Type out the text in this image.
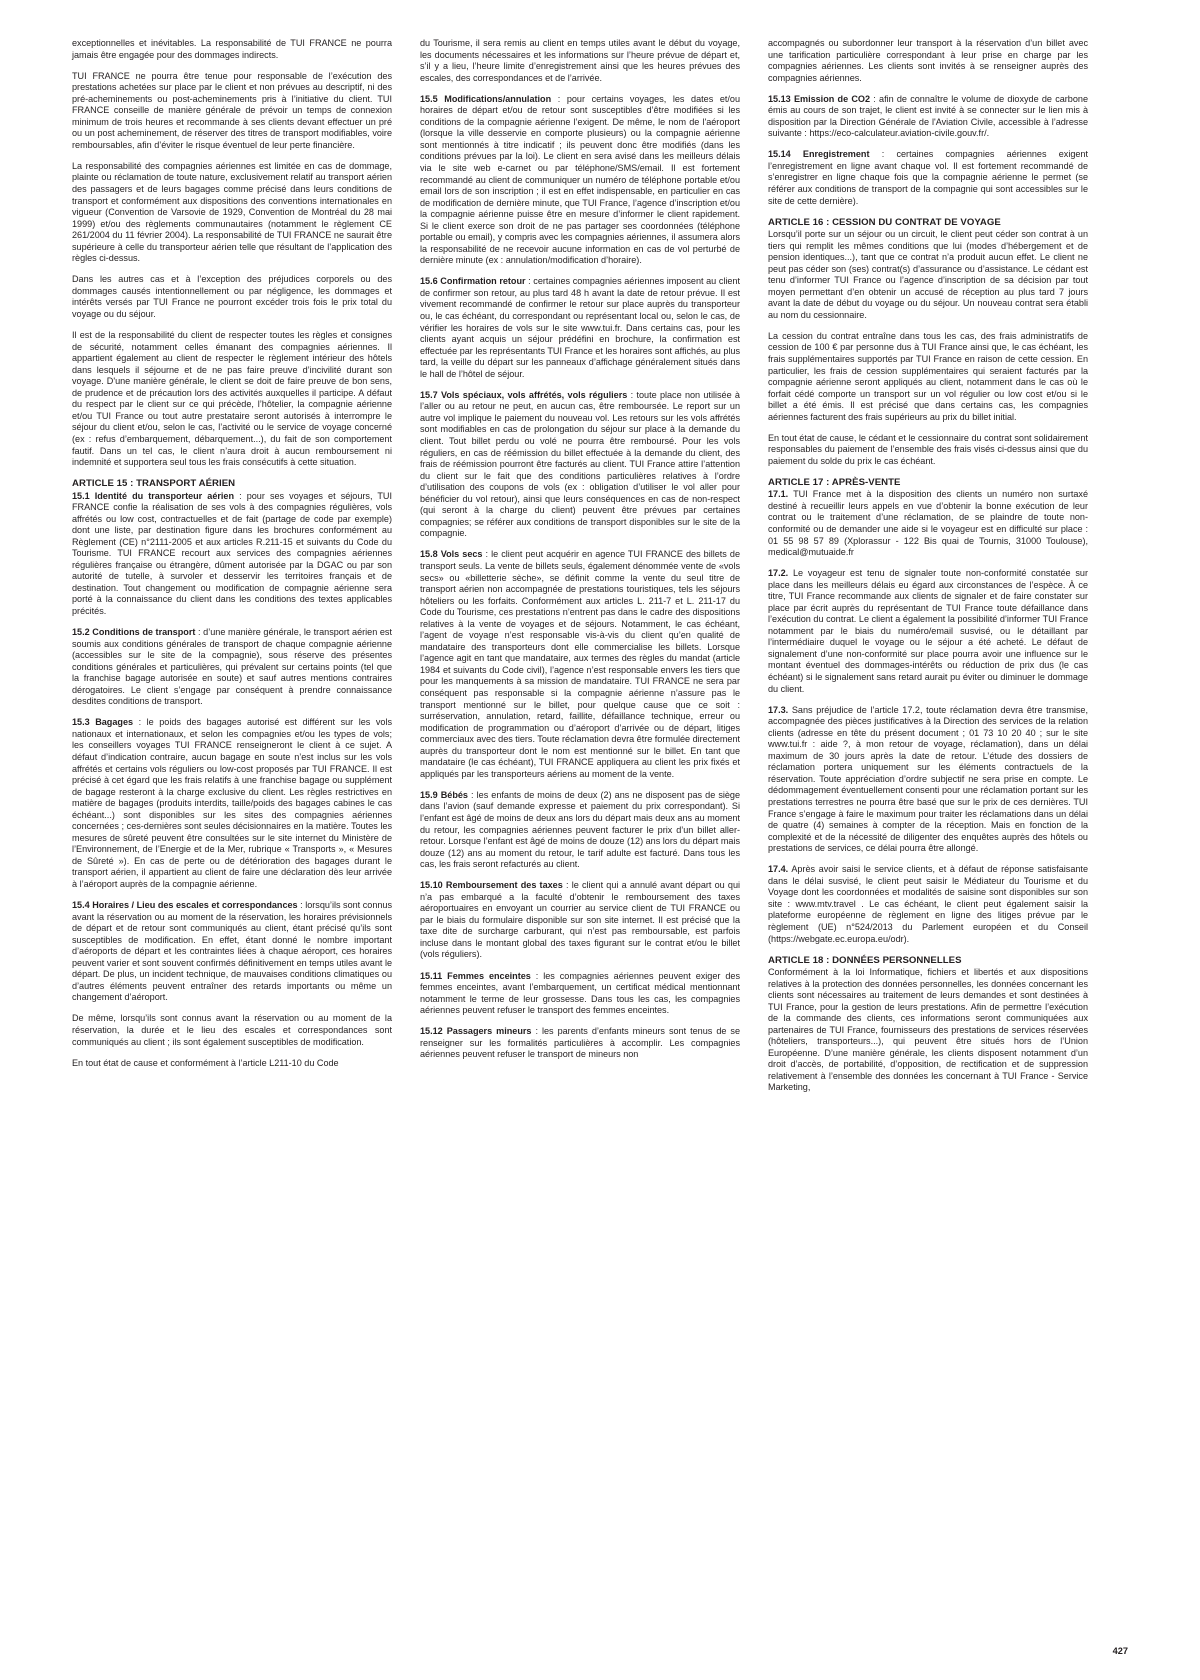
exceptionnelles et inévitables. La responsabilité de TUI FRANCE ne pourra jamais être engagée pour des dommages indirects.

TUI FRANCE ne pourra être tenue pour responsable de l’exécution des prestations achetées sur place par le client et non prévues au descriptif, ni des pré-acheminements ou post-acheminements pris à l’initiative du client. TUI FRANCE conseille de manière générale de prévoir un temps de connexion minimum de trois heures et recommande à ses clients devant effectuer un pré ou un post acheminement, de réserver des titres de transport modifiables, voire remboursables, afin d’éviter le risque éventuel de leur perte financière.

La responsabilité des compagnies aériennes est limitée en cas de dommage, plainte ou réclamation de toute nature, exclusivement relatif au transport aérien des passagers et de leurs bagages comme précisé dans leurs conditions de transport et conformément aux dispositions des conventions internationales en vigueur (Convention de Varsovie de 1929, Convention de Montréal du 28 mai 1999) et/ou des règlements communautaires (notamment le règlement CE 261/2004 du 11 février 2004). La responsabilité de TUI FRANCE ne saurait être supérieure à celle du transporteur aérien telle que résultant de l’application des règles ci-dessus.

Dans les autres cas et à l’exception des préjudices corporels ou des dommages causés intentionnellement ou par négligence, les dommages et intérêts versés par TUI France ne pourront excéder trois fois le prix total du voyage ou du séjour.

Il est de la responsabilité du client de respecter toutes les règles et consignes de sécurité, notamment celles émanant des compagnies aériennes. Il appartient également au client de respecter le règlement intérieur des hôtels dans lesquels il séjourne et de ne pas faire preuve d’incivilité durant son voyage. D'une manière générale, le client se doit de faire preuve de bon sens, de prudence et de précaution lors des activités auxquelles il participe. A défaut du respect par le client sur ce qui précède, l’hôtelier, la compagnie aérienne et/ou TUI France ou tout autre prestataire seront autorisés à interrompre le séjour du client et/ou, selon le cas, l’activité ou le service de voyage concerné (ex : refus d’embarquement, débarquement...), du fait de son comportement fautif. Dans un tel cas, le client n’aura droit à aucun remboursement ni indemnité et supportera seul tous les frais consécutifs à cette situation.

ARTICLE 15 : TRANSPORT AÉRIEN

15.1 Identité du transporteur aérien : pour ses voyages et séjours, TUI FRANCE confie la réalisation de ses vols à des compagnies régulières, vols affrétés ou low cost, contractuelles et de fait (partage de code par exemple) dont une liste, par destination figure dans les brochures conformément au Règlement (CE) n°2111-2005 et aux articles R.211-15 et suivants du Code du Tourisme. TUI FRANCE recourt aux services des compagnies aériennes régulières française ou étrangère, dûment autorisée par la DGAC ou par son autorité de tutelle, à survoler et desservir les territoires français et de destination. Tout changement ou modification de compagnie aérienne sera porté à la connaissance du client dans les conditions des textes applicables précités.

15.2 Conditions de transport : d’une manière générale, le transport aérien est soumis aux conditions générales de transport de chaque compagnie aérienne (accessibles sur le site de la compagnie), sous réserve des présentes conditions générales et particulières, qui prévalent sur certains points (tel que la franchise bagage autorisée en soute) et sauf autres mentions contraires dérogatoires. Le client s’engage par conséquent à prendre connaissance desdites conditions de transport.

15.3 Bagages : le poids des bagages autorisé est différent sur les vols nationaux et internationaux, et selon les compagnies et/ou les types de vols; les conseillers voyages TUI FRANCE renseigneront le client à ce sujet. A défaut d’indication contraire, aucun bagage en soute n’est inclus sur les vols affrétés et certains vols réguliers ou low-cost proposés par TUI FRANCE. Il est précisé à cet égard que les frais relatifs à une franchise bagage ou supplément de bagage resteront à la charge exclusive du client. Les règles restrictives en matière de bagages (produits interdits, taille/poids des bagages cabines le cas échéant...) sont disponibles sur les sites des compagnies aériennes concernées ; ces-dernières sont seules décisionnaires en la matière. Toutes les mesures de sûreté peuvent être consultées sur le site internet du Ministère de l’Environnement, de l’Energie et de la Mer, rubrique « Transports », « Mesures de Sûreté »). En cas de perte ou de détérioration des bagages durant le transport aérien, il appartient au client de faire une déclaration dès leur arrivée à l’aéroport auprès de la compagnie aérienne.

15.4 Horaires / Lieu des escales et correspondances : lorsqu’ils sont connus avant la réservation ou au moment de la réservation, les horaires prévisionnels de départ et de retour sont communiqués au client, étant précisé qu’ils sont susceptibles de modification. En effet, étant donné le nombre important d’aéroports de départ et les contraintes liées à chaque aéroport, ces horaires peuvent varier et sont souvent confirmés définitivement en temps utiles avant le départ. De plus, un incident technique, de mauvaises conditions climatiques ou d’autres éléments peuvent entraîner des retards importants ou même un changement d’aéroport.

De même, lorsqu’ils sont connus avant la réservation ou au moment de la réservation, la durée et le lieu des escales et correspondances sont communiqués au client ; ils sont également susceptibles de modification.

En tout état de cause et conformément à l’article L211-10 du Code

du Tourisme, il sera remis au client en temps utiles avant le début du voyage, les documents nécessaires et les informations sur l’heure prévue de départ et, s’il y a lieu, l’heure limite d’enregistrement ainsi que les heures prévues des escales, des correspondances et de l’arrivée.

15.5 Modifications/annulation : pour certains voyages, les dates et/ou horaires de départ et/ou de retour sont susceptibles d’être modifiées si les conditions de la compagnie aérienne l’exigent. De même, le nom de l'aéroport (lorsque la ville desservie en comporte plusieurs) ou la compagnie aérienne sont mentionnés à titre indicatif ; ils peuvent donc être modifiés (dans les conditions prévues par la loi). Le client en sera avisé dans les meilleurs délais via le site web e-carnet ou par téléphone/SMS/email. Il est fortement recommandé au client de communiquer un numéro de téléphone portable et/ou email lors de son inscription ; il est en effet indispensable, en particulier en cas de modification de dernière minute, que TUI France, l’agence d’inscription et/ou la compagnie aérienne puisse être en mesure d’informer le client rapidement. Si le client exerce son droit de ne pas partager ses coordonnées (téléphone portable ou email), y compris avec les compagnies aériennes, il assumera alors la responsabilité de ne recevoir aucune information en cas de vol perturbé de dernière minute (ex : annulation/modification d’horaire).

15.6 Confirmation retour : certaines compagnies aériennes imposent au client de confirmer son retour, au plus tard 48 h avant la date de retour prévue. Il est vivement recommandé de confirmer le retour sur place auprès du transporteur ou, le cas échéant, du correspondant ou représentant local ou, selon le cas, de vérifier les horaires de vols sur le site www.tui.fr. Dans certains cas, pour les clients ayant acquis un séjour prédéfini en brochure, la confirmation est effectuée par les représentants TUI France et les horaires sont affichés, au plus tard, la veille du départ sur les panneaux d’affichage généralement situés dans le hall de l’hôtel de séjour.

15.7 Vols spéciaux, vols affrétés, vols réguliers : toute place non utilisée à l’aller ou au retour ne peut, en aucun cas, être remboursée. Le report sur un autre vol implique le paiement du nouveau vol. Les retours sur les vols affrétés sont modifiables en cas de prolongation du séjour sur place à la demande du client. Tout billet perdu ou volé ne pourra être remboursé. Pour les vols réguliers, en cas de réémission du billet effectuée à la demande du client, des frais de réémission pourront être facturés au client. TUI France attire l’attention du client sur le fait que des conditions particulières relatives à l’ordre d’utilisation des coupons de vols (ex : obligation d’utiliser le vol aller pour bénéficier du vol retour), ainsi que leurs conséquences en cas de non-respect (qui seront à la charge du client) peuvent être prévues par certaines compagnies; se référer aux conditions de transport disponibles sur le site de la compagnie.

15.8 Vols secs : le client peut acquérir en agence TUI FRANCE des billets de transport seuls. La vente de billets seuls, également dénommée vente de «vols secs» ou «billetterie sèche», se définit comme la vente du seul titre de transport aérien non accompagnée de prestations touristiques, tels les séjours hôteliers ou les forfaits. Conformément aux articles L. 211-7 et L. 211-17 du Code du Tourisme, ces prestations n’entrent pas dans le cadre des dispositions relatives à la vente de voyages et de séjours. Notamment, le cas échéant, l’agent de voyage n’est responsable vis-à-vis du client qu’en qualité de mandataire des transporteurs dont elle commercialise les billets. Lorsque l’agence agit en tant que mandataire, aux termes des règles du mandat (article 1984 et suivants du Code civil), l’agence n’est responsable envers les tiers que pour les manquements à sa mission de mandataire. TUI FRANCE ne sera par conséquent pas responsable si la compagnie aérienne n’assure pas le transport mentionné sur le billet, pour quelque cause que ce soit : surréservation, annulation, retard, faillite, défaillance technique, erreur ou modification de programmation ou d’aéroport d’arrivée ou de départ, litiges commerciaux avec des tiers. Toute réclamation devra être formulée directement auprès du transporteur dont le nom est mentionné sur le billet. En tant que mandataire (le cas échéant), TUI FRANCE appliquera au client les prix fixés et appliqués par les transporteurs aériens au moment de la vente.

15.9 Bébés : les enfants de moins de deux (2) ans ne disposent pas de siège dans l’avion (sauf demande expresse et paiement du prix correspondant). Si l’enfant est âgé de moins de deux ans lors du départ mais deux ans au moment du retour, les compagnies aériennes peuvent facturer le prix d’un billet aller-retour. Lorsque l’enfant est âgé de moins de douze (12) ans lors du départ mais douze (12) ans au moment du retour, le tarif adulte est facturé. Dans tous les cas, les frais seront refacturés au client.

15.10 Remboursement des taxes : le client qui a annulé avant départ ou qui n’a pas embarqué a la faculté d’obtenir le remboursement des taxes aéroportuaires en envoyant un courrier au service client de TUI FRANCE ou par le biais du formulaire disponible sur son site internet. Il est précisé que la taxe dite de surcharge carburant, qui n’est pas remboursable, est parfois incluse dans le montant global des taxes figurant sur le contrat et/ou le billet (vols réguliers).

15.11 Femmes enceintes : les compagnies aériennes peuvent exiger des femmes enceintes, avant l’embarquement, un certificat médical mentionnant notamment le terme de leur grossesse. Dans tous les cas, les compagnies aériennes peuvent refuser le transport des femmes enceintes.

15.12 Passagers mineurs : les parents d’enfants mineurs sont tenus de se renseigner sur les formalités particulières à accomplir. Les compagnies aériennes peuvent refuser le transport de mineurs non

accompagnés ou subordonner leur transport à la réservation d’un billet avec une tarification particulière correspondant à leur prise en charge par les compagnies aériennes. Les clients sont invités à se renseigner auprès des compagnies aériennes.

15.13 Emission de CO2 : afin de connaître le volume de dioxyde de carbone émis au cours de son trajet, le client est invité à se connecter sur le lien mis à disposition par la Direction Générale de l'Aviation Civile, accessible à l’adresse suivante : https://eco-calculateur.aviation-civile.gouv.fr/.

15.14 Enregistrement : certaines compagnies aériennes exigent l’enregistrement en ligne avant chaque vol. Il est fortement recommandé de s’enregistrer en ligne chaque fois que la compagnie aérienne le permet (se référer aux conditions de transport de la compagnie qui sont accessibles sur le site de cette dernière).

ARTICLE 16 : CESSION DU CONTRAT DE VOYAGE

Lorsqu’il porte sur un séjour ou un circuit, le client peut céder son contrat à un tiers qui remplit les mêmes conditions que lui (modes d’hébergement et de pension identiques...), tant que ce contrat n’a produit aucun effet. Le client ne peut pas céder son (ses) contrat(s) d’assurance ou d’assistance. Le cédant est tenu d’informer TUI France ou l’agence d’inscription de sa décision par tout moyen permettant d’en obtenir un accusé de réception au plus tard 7 jours avant la date de début du voyage ou du séjour. Un nouveau contrat sera établi au nom du cessionnaire.

La cession du contrat entraîne dans tous les cas, des frais administratifs de cession de 100 € par personne dus à TUI France ainsi que, le cas échéant, les frais supplémentaires supportés par TUI France en raison de cette cession. En particulier, les frais de cession supplémentaires qui seraient facturés par la compagnie aérienne seront appliqués au client, notamment dans le cas où le forfait cédé comporte un transport sur un vol régulier ou low cost et/ou si le billet a été émis. Il est précisé que dans certains cas, les compagnies aériennes facturent des frais supérieurs au prix du billet initial.

En tout état de cause, le cédant et le cessionnaire du contrat sont solidairement responsables du paiement de l’ensemble des frais visés ci-dessus ainsi que du paiement du solde du prix le cas échéant.

ARTICLE 17 : APRÈS-VENTE

17.1. TUI France met à la disposition des clients un numéro non surtaxé destiné à recueillir leurs appels en vue d’obtenir la bonne exécution de leur contrat ou le traitement d’une réclamation, de se plaindre de toute non-conformité ou de demander une aide si le voyageur est en difficulté sur place : 01 55 98 57 89 (Xplorassur - 122 Bis quai de Tournis, 31000 Toulouse), medical@mutuaide.fr

17.2. Le voyageur est tenu de signaler toute non-conformité constatée sur place dans les meilleurs délais eu égard aux circonstances de l’espèce. À ce titre, TUI France recommande aux clients de signaler et de faire constater sur place par écrit auprès du représentant de TUI France toute défaillance dans l’exécution du contrat. Le client a également la possibilité d’informer TUI France notamment par le biais du numéro/email susvisé, ou le détaillant par l’intermédiaire duquel le voyage ou le séjour a été acheté. Le défaut de signalement d’une non-conformité sur place pourra avoir une influence sur le montant éventuel des dommages-intérêts ou réduction de prix dus (le cas échéant) si le signalement sans retard aurait pu éviter ou diminuer le dommage du client.

17.3. Sans préjudice de l’article 17.2, toute réclamation devra être transmise, accompagnée des pièces justificatives à la Direction des services de la relation clients (adresse en tête du présent document ; 01 73 10 20 40 ; sur le site www.tui.fr : aide ?, à mon retour de voyage, réclamation), dans un délai maximum de 30 jours après la date de retour. L’étude des dossiers de réclamation portera uniquement sur les éléments contractuels de la réservation. Toute appréciation d’ordre subjectif ne sera prise en compte. Le dédommagement éventuellement consenti pour une réclamation portant sur les prestations terrestres ne pourra être basé que sur le prix de ces dernières. TUI France s’engage à faire le maximum pour traiter les réclamations dans un délai de quatre (4) semaines à compter de la réception. Mais en fonction de la complexité et de la nécessité de diligenter des enquêtes auprès des hôtels ou prestations de services, ce délai pourra être allongé.

17.4. Après avoir saisi le service clients, et à défaut de réponse satisfaisante dans le délai susvisé, le client peut saisir le Médiateur du Tourisme et du Voyage dont les coordonnées et modalités de saisine sont disponibles sur son site : www.mtv.travel . Le cas échéant, le client peut également saisir la plateforme européenne de règlement en ligne des litiges prévue par le règlement (UE) n°524/2013 du Parlement européen et du Conseil (https://webgate.ec.europa.eu/odr).

ARTICLE 18 : DONNÉES PERSONNELLES

Conformément à la loi Informatique, fichiers et libertés et aux dispositions relatives à la protection des données personnelles, les données concernant les clients sont nécessaires au traitement de leurs demandes et sont destinées à TUI France, pour la gestion de leurs prestations. Afin de permettre l’exécution de la commande des clients, ces informations seront communiquées aux partenaires de TUI France, fournisseurs des prestations de services réservées (hôteliers, transporteurs...), qui peuvent être situés hors de l’Union Européenne. D’une manière générale, les clients disposent notamment d’un droit d’accès, de portabilité, d’opposition, de rectification et de suppression relativement à l’ensemble des données les concernant à TUI France - Service Marketing,

427
